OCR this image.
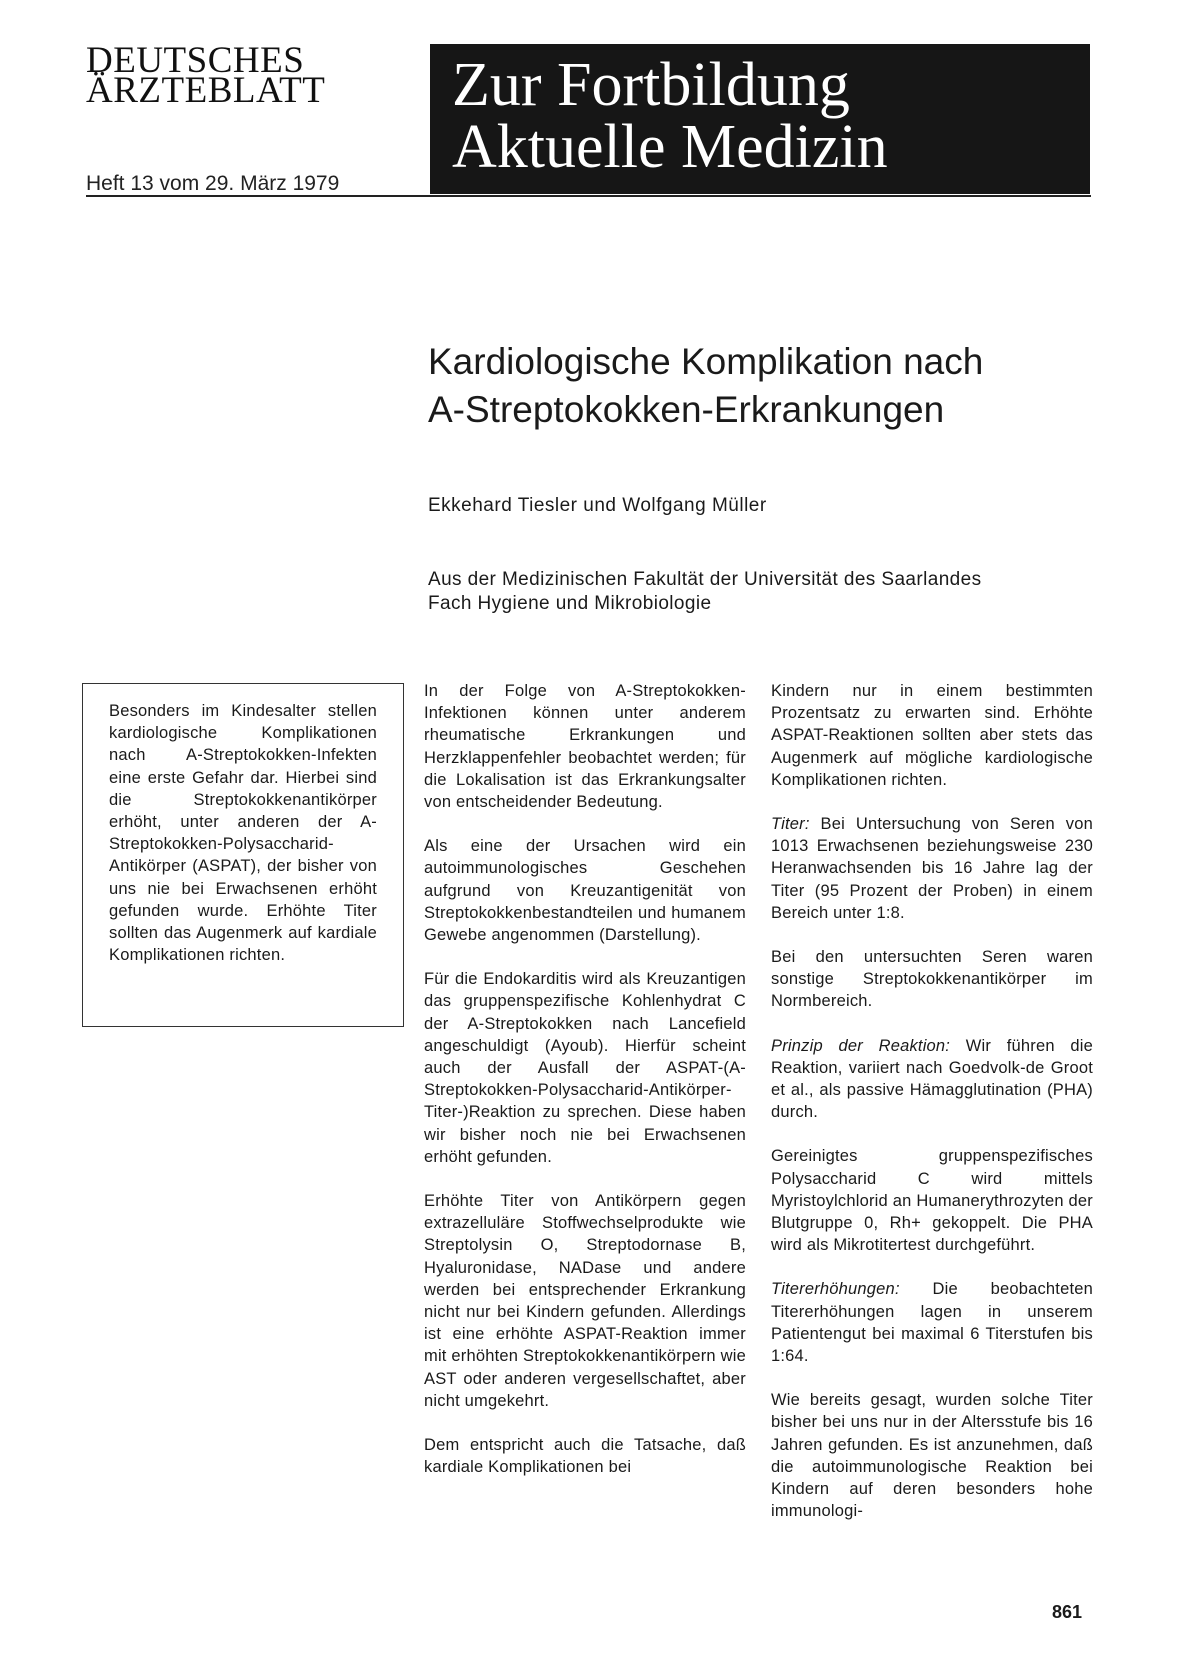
DEUTSCHES
ÄRZTEBLATT
Heft 13 vom 29. März 1979
Zur Fortbildung
Aktuelle Medizin
Kardiologische Komplikation nach
A-Streptokokken-Erkrankungen
Ekkehard Tiesler und Wolfgang Müller
Aus der Medizinischen Fakultät der Universität des Saarlandes
Fach Hygiene und Mikrobiologie

Besonders im Kindesalter stellen kardiologische Komplikationen nach A-Streptokokken-Infekten eine erste Gefahr dar. Hierbei sind die Streptokokkenantikörper erhöht, unter anderen der A-Streptokokken-Polysaccharid-Antikörper (ASPAT), der bisher von uns nie bei Erwachsenen erhöht gefunden wurde. Erhöhte Titer sollten das Augenmerk auf kardiale Komplikationen richten.

In der Folge von A-Streptokokken-Infektionen können unter anderem rheumatische Erkrankungen und Herzklappenfehler beobachtet werden; für die Lokalisation ist das Erkrankungsalter von entscheidender Bedeutung.

Als eine der Ursachen wird ein autoimmunologisches Geschehen aufgrund von Kreuzantigenität von Streptokokkenbestandteilen und humanem Gewebe angenommen (Darstellung).

Für die Endokarditis wird als Kreuzantigen das gruppenspezifische Kohlenhydrat C der A-Streptokokken nach Lancefield angeschuldigt (Ayoub). Hierfür scheint auch der Ausfall der ASPAT-(A-Streptokokken-Polysaccharid-Antikörper-Titer-)Reaktion zu sprechen. Diese haben wir bisher noch nie bei Erwachsenen erhöht gefunden.

Erhöhte Titer von Antikörpern gegen extrazelluläre Stoffwechselprodukte wie Streptolysin O, Streptodornase B, Hyaluronidase, NADase und andere werden bei entsprechender Erkrankung nicht nur bei Kindern gefunden. Allerdings ist eine erhöhte ASPAT-Reaktion immer mit erhöhten Streptokokkenantikörpern wie AST oder anderen vergesellschaftet, aber nicht umgekehrt.

Dem entspricht auch die Tatsache, daß kardiale Komplikationen bei

Kindern nur in einem bestimmten Prozentsatz zu erwarten sind. Erhöhte ASPAT-Reaktionen sollten aber stets das Augenmerk auf mögliche kardiologische Komplikationen richten.

Titer: Bei Untersuchung von Seren von 1013 Erwachsenen beziehungsweise 230 Heranwachsenden bis 16 Jahre lag der Titer (95 Prozent der Proben) in einem Bereich unter 1:8.

Bei den untersuchten Seren waren sonstige Streptokokkenantikörper im Normbereich.

Prinzip der Reaktion: Wir führen die Reaktion, variiert nach Goedvolk-de Groot et al., als passive Hämagglutination (PHA) durch.

Gereinigtes gruppenspezifisches Polysaccharid C wird mittels Myristoylchlorid an Humanerythrozyten der Blutgruppe 0, Rh+ gekoppelt. Die PHA wird als Mikrotitertest durchgeführt.

Titererhöhungen: Die beobachteten Titererhöhungen lagen in unserem Patientengut bei maximal 6 Titerstufen bis 1:64.

Wie bereits gesagt, wurden solche Titer bisher bei uns nur in der Altersstufe bis 16 Jahren gefunden. Es ist anzunehmen, daß die autoimmunologische Reaktion bei Kindern auf deren besonders hohe immunologi-

861
